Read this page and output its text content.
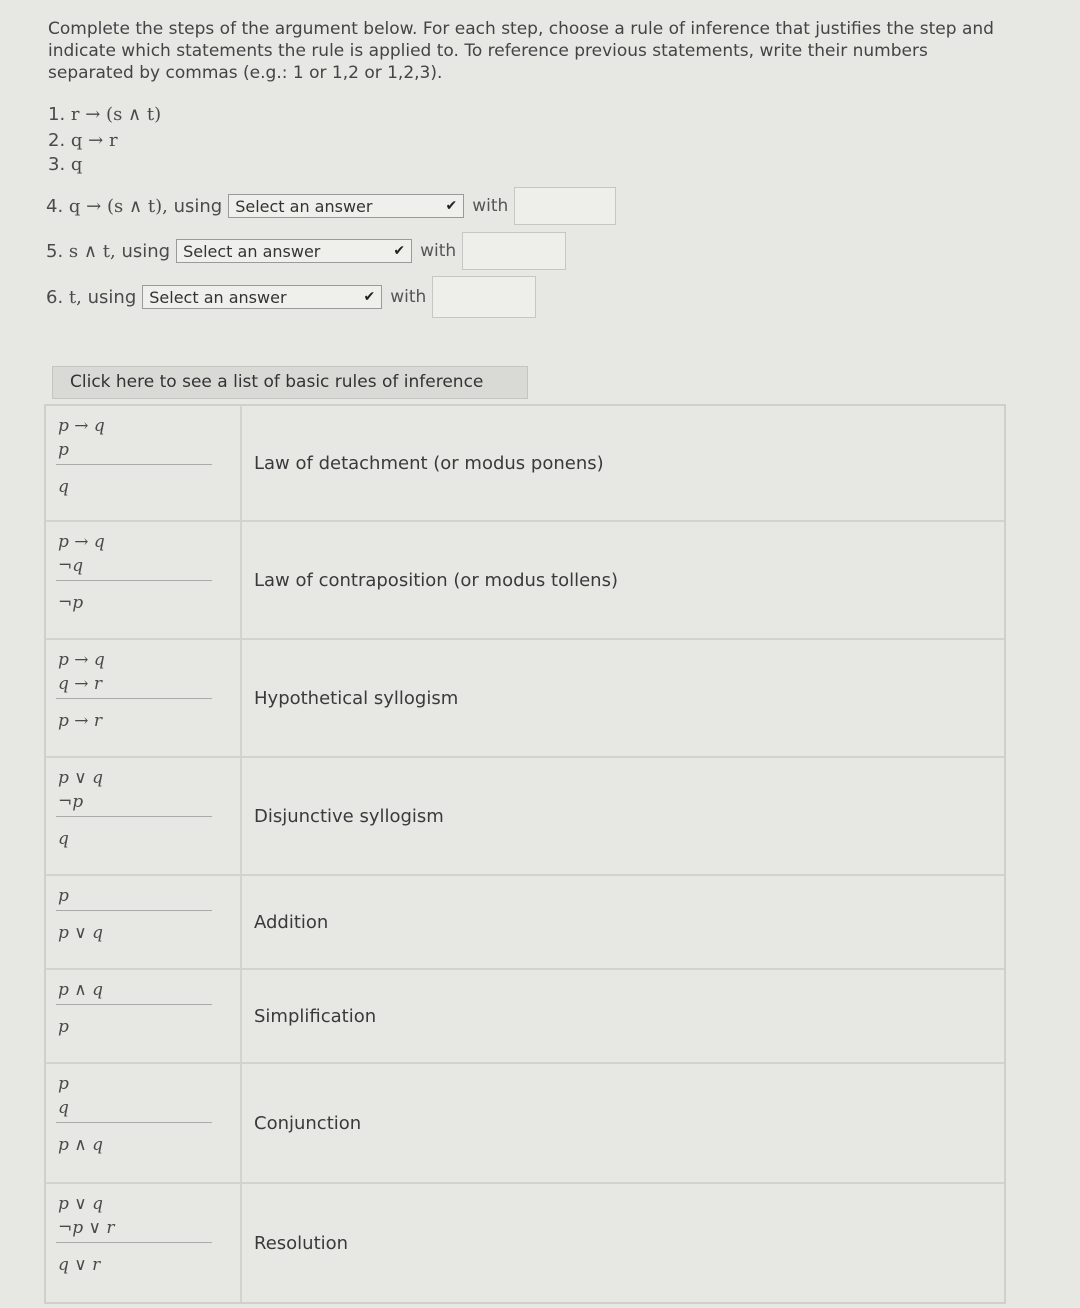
Complete the steps of the argument below. For each step, choose a rule of inference that justifies the step and indicate which statements the rule is applied to. To reference previous statements, write their numbers separated by commas (e.g.: 1 or 1,2 or 1,2,3).
1. r → (s ∧ t)
2. q → r
3. q
4.
q → (s ∧ t),
using Select an answer	✔ with
5.
s ∧ t,
using Select an answer	✔ with
6.
t,
using Select an answer	✔ with
Click here to see a list of basic rules of inference
p → q
p
q
Law of detachment (or modus ponens)
p → q
¬q
¬p
Law of contraposition (or modus tollens)
p → q
q → r
p → r
Hypothetical syllogism
p ∨ q
¬p
q
Disjunctive syllogism
p
p ∨ q
Addition
p ∧ q
p
Simplification
p
q
p ∧ q
Conjunction
p ∨ q
¬p ∨ r
q ∨ r
Resolution
